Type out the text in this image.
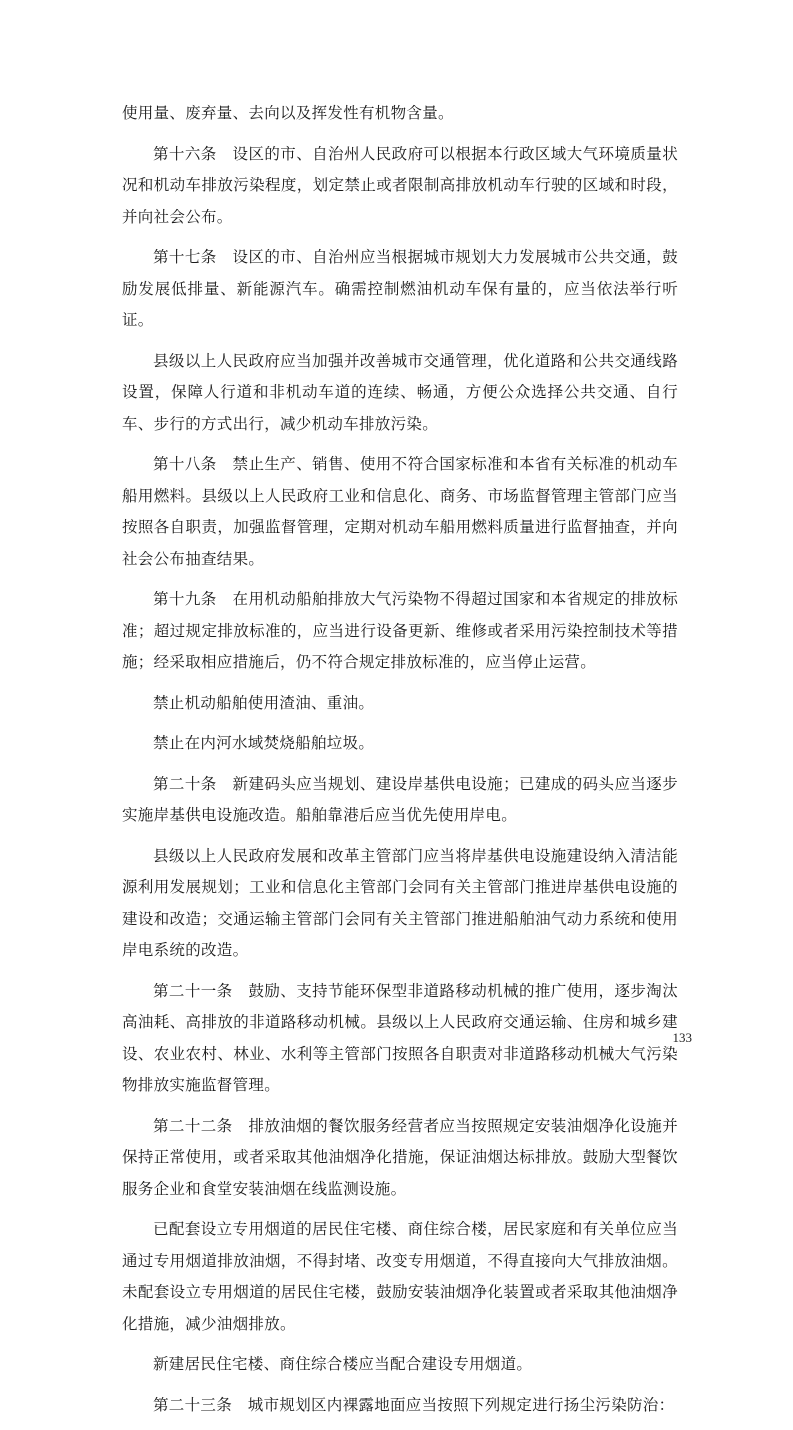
使用量、废弃量、去向以及挥发性有机物含量。

第十六条　设区的市、自治州人民政府可以根据本行政区域大气环境质量状况和机动车排放污染程度，划定禁止或者限制高排放机动车行驶的区域和时段，并向社会公布。

第十七条　设区的市、自治州应当根据城市规划大力发展城市公共交通，鼓励发展低排量、新能源汽车。确需控制燃油机动车保有量的，应当依法举行听证。

县级以上人民政府应当加强并改善城市交通管理，优化道路和公共交通线路设置，保障人行道和非机动车道的连续、畅通，方便公众选择公共交通、自行车、步行的方式出行，减少机动车排放污染。

第十八条　禁止生产、销售、使用不符合国家标准和本省有关标准的机动车船用燃料。县级以上人民政府工业和信息化、商务、市场监督管理主管部门应当按照各自职责，加强监督管理，定期对机动车船用燃料质量进行监督抽查，并向社会公布抽查结果。

第十九条　在用机动船舶排放大气污染物不得超过国家和本省规定的排放标准；超过规定排放标准的，应当进行设备更新、维修或者采用污染控制技术等措施；经采取相应措施后，仍不符合规定排放标准的，应当停止运营。

禁止机动船舶使用渣油、重油。

禁止在内河水域焚烧船舶垃圾。

第二十条　新建码头应当规划、建设岸基供电设施；已建成的码头应当逐步实施岸基供电设施改造。船舶靠港后应当优先使用岸电。

县级以上人民政府发展和改革主管部门应当将岸基供电设施建设纳入清洁能源利用发展规划；工业和信息化主管部门会同有关主管部门推进岸基供电设施的建设和改造；交通运输主管部门会同有关主管部门推进船舶油气动力系统和使用岸电系统的改造。

第二十一条　鼓励、支持节能环保型非道路移动机械的推广使用，逐步淘汰高油耗、高排放的非道路移动机械。县级以上人民政府交通运输、住房和城乡建设、农业农村、林业、水利等主管部门按照各自职责对非道路移动机械大气污染物排放实施监督管理。

第二十二条　排放油烟的餐饮服务经营者应当按照规定安装油烟净化设施并保持正常使用，或者采取其他油烟净化措施，保证油烟达标排放。鼓励大型餐饮服务企业和食堂安装油烟在线监测设施。

已配套设立专用烟道的居民住宅楼、商住综合楼，居民家庭和有关单位应当通过专用烟道排放油烟，不得封堵、改变专用烟道，不得直接向大气排放油烟。未配套设立专用烟道的居民住宅楼，鼓励安装油烟净化装置或者采取其他油烟净化措施，减少油烟排放。

新建居民住宅楼、商住综合楼应当配合建设专用烟道。

第二十三条　城市规划区内裸露地面应当按照下列规定进行扬尘污染防治：

133
